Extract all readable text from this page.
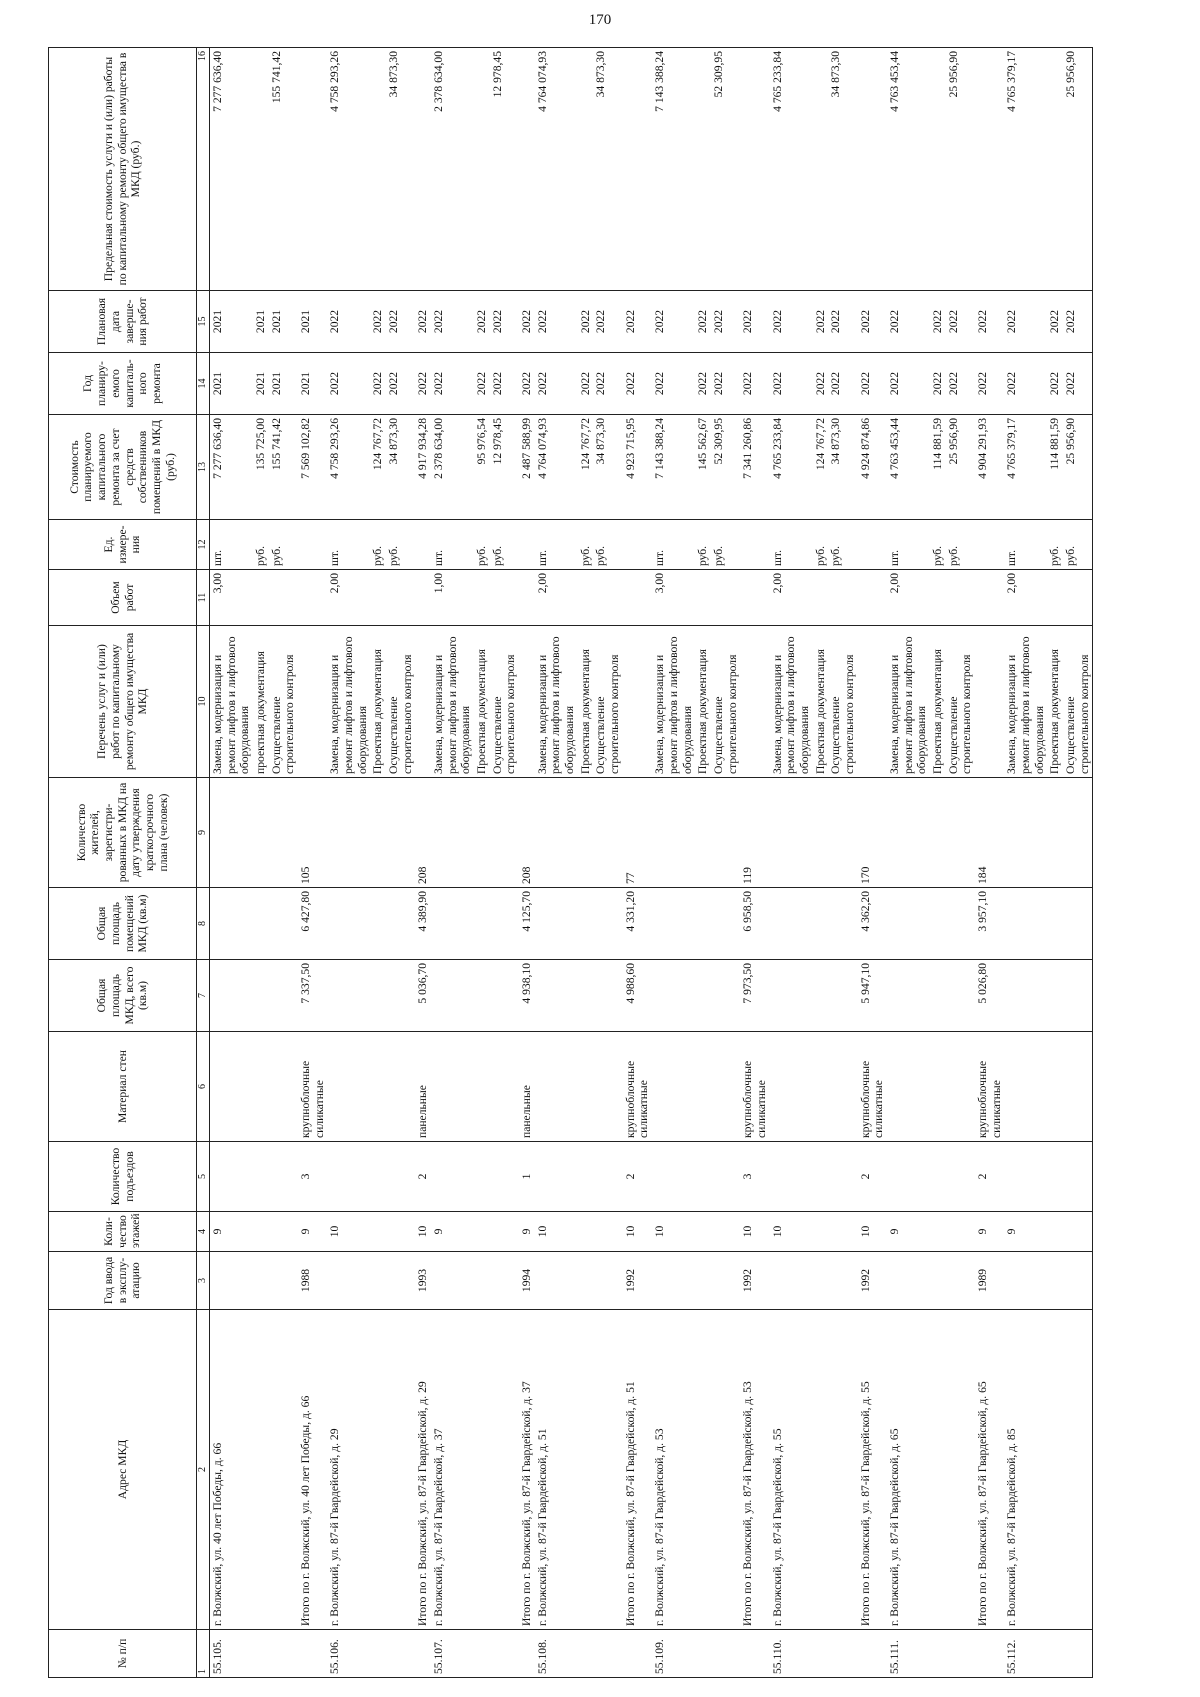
170
№ п/п	Адрес МКД	Год ввода в эксплу-атацию	Коли-чество этажей	Количество подъездов	Материал стен	Общая площадь МКД, всего (кв.м)	Общая площадь помещений МКД (кв.м)	Количество жителей, зарегистри-рованных в МКД на дату утверждения краткосрочного плана (человек)	Перечень услуг и (или) работ по капитальному ремонту общего имущества МКД	Объем работ	Ед. измере-ния	Стоимость планируемого капитального ремонта за счет средств собственников помещений в МКД (руб.)	Год планиру-емого капиталь-ного ремонта	Плановая дата заверше-ния работ	Предельная стоимость услуги и (или) работы по капитальному ремонту общего имущества в МКД (руб.)
1	2	3	4	5	6	7	8	9	10	11	12	13	14	15	16
55.105.	г. Волжский, ул. 40 лет Победы, д. 66		9						Замена, модернизация и ремонт лифтов и лифтового оборудования	3,00	шт.	7 277 636,40	2021	2021	7 277 636,40
									проектная документация		руб.	135 725,00	2021	2021	
									Осуществление строительного контроля		руб.	155 741,42	2021	2021	155 741,42
	Итого по г. Волжский, ул. 40 лет Победы, д. 66	1988	9	3	крупноблочные силикатные	7 337,50	6 427,80	105				7 569 102,82	2021	2021	
55.106.	г. Волжский, ул. 87-й Гвардейской, д. 29		10						Замена, модернизация и ремонт лифтов и лифтового оборудования	2,00	шт.	4 758 293,26	2022	2022	4 758 293,26
									Проектная документация		руб.	124 767,72	2022	2022	
									Осуществление строительного контроля		руб.	34 873,30	2022	2022	34 873,30
	Итого по г. Волжский, ул. 87-й Гвардейской, д. 29	1993	10	2	панельные	5 036,70	4 389,90	208				4 917 934,28	2022	2022	
55.107.	г. Волжский, ул. 87-й Гвардейской, д. 37		9						Замена, модернизация и ремонт лифтов и лифтового оборудования	1,00	шт.	2 378 634,00	2022	2022	2 378 634,00
									Проектная документация		руб.	95 976,54	2022	2022	
									Осуществление строительного контроля		руб.	12 978,45	2022	2022	12 978,45
	Итого по г. Волжский, ул. 87-й Гвардейской, д. 37	1994	9	1	панельные	4 938,10	4 125,70	208				2 487 588,99	2022	2022	
55.108.	г. Волжский, ул. 87-й Гвардейской, д. 51		10						Замена, модернизация и ремонт лифтов и лифтового оборудования	2,00	шт.	4 764 074,93	2022	2022	4 764 074,93
									Проектная документация		руб.	124 767,72	2022	2022	
									Осуществление строительного контроля		руб.	34 873,30	2022	2022	34 873,30
	Итого по г. Волжский, ул. 87-й Гвардейской, д. 51	1992	10	2	крупноблочные силикатные	4 988,60	4 331,20	77				4 923 715,95	2022	2022	
55.109.	г. Волжский, ул. 87-й Гвардейской, д. 53		10						Замена, модернизация и ремонт лифтов и лифтового оборудования	3,00	шт.	7 143 388,24	2022	2022	7 143 388,24
									Проектная документация		руб.	145 562,67	2022	2022	
									Осуществление строительного контроля		руб.	52 309,95	2022	2022	52 309,95
	Итого по г. Волжский, ул. 87-й Гвардейской, д. 53	1992	10	3	крупноблочные силикатные	7 973,50	6 958,50	119				7 341 260,86	2022	2022	
55.110.	г. Волжский, ул. 87-й Гвардейской, д. 55		10						Замена, модернизация и ремонт лифтов и лифтового оборудования	2,00	шт.	4 765 233,84	2022	2022	4 765 233,84
									Проектная документация		руб.	124 767,72	2022	2022	
									Осуществление строительного контроля		руб.	34 873,30	2022	2022	34 873,30
	Итого по г. Волжский, ул. 87-й Гвардейской, д. 55	1992	10	2	крупноблочные силикатные	5 947,10	4 362,20	170				4 924 874,86	2022	2022	
55.111.	г. Волжский, ул. 87-й Гвардейской, д. 65		9						Замена, модернизация и ремонт лифтов и лифтового оборудования	2,00	шт.	4 763 453,44	2022	2022	4 763 453,44
									Проектная документация		руб.	114 881,59	2022	2022	
									Осуществление строительного контроля		руб.	25 956,90	2022	2022	25 956,90
	Итого по г. Волжский, ул. 87-й Гвардейской, д. 65	1989	9	2	крупноблочные силикатные	5 026,80	3 957,10	184				4 904 291,93	2022	2022	
55.112.	г. Волжский, ул. 87-й Гвардейской, д. 85		9						Замена, модернизация и ремонт лифтов и лифтового оборудования	2,00	шт.	4 765 379,17	2022	2022	4 765 379,17
									Проектная документация		руб.	114 881,59	2022	2022	
									Осуществление строительного контроля		руб.	25 956,90	2022	2022	25 956,90
